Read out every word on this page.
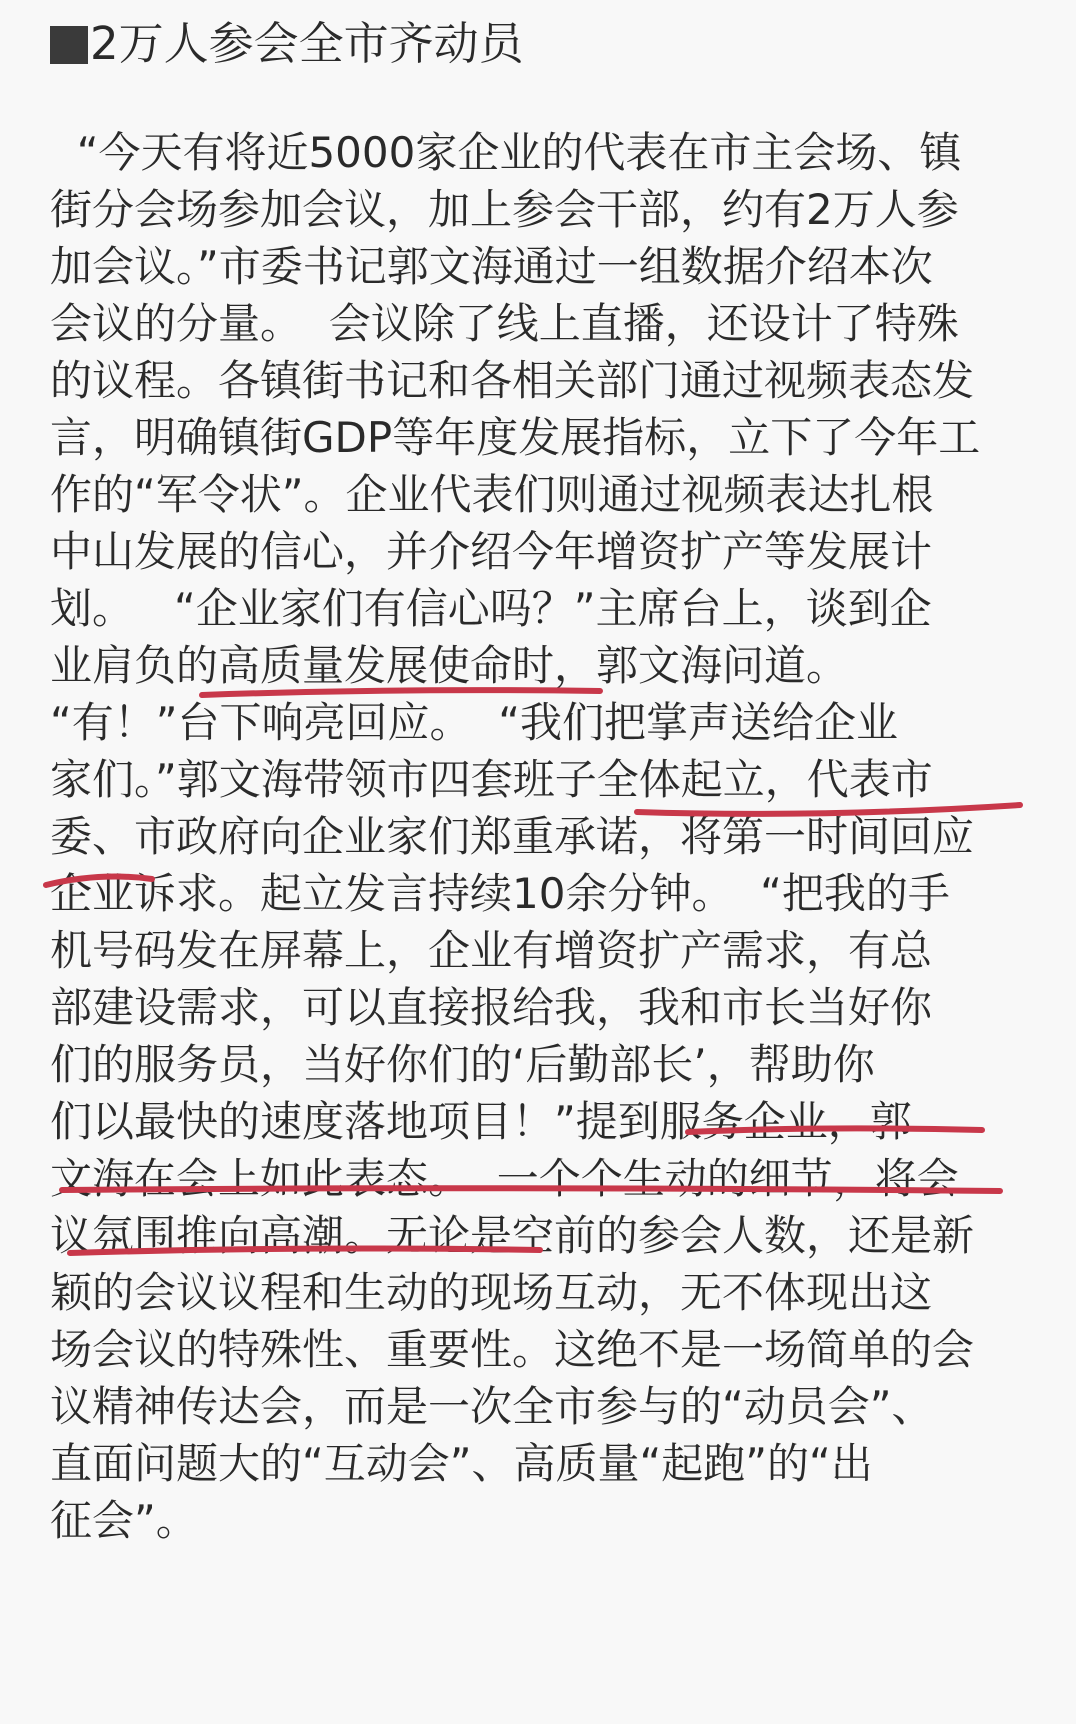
2万人参会全市齐动员
“今天有将近5000家企业的代表在市主会场、镇
街分会场参加会议，加上参会干部，约有2万人参
加会议。”市委书记郭文海通过一组数据介绍本次
会议的分量。  会议除了线上直播，还设计了特殊
的议程。各镇街书记和各相关部门通过视频表态发
言，明确镇街GDP等年度发展指标，立下了今年工
作的“军令状”。企业代表们则通过视频表达扎根
中山发展的信心，并介绍今年增资扩产等发展计
划。   “企业家们有信心吗？”主席台上，谈到企
业肩负的高质量发展使命时，郭文海问道。
“有！”台下响亮回应。  “我们把掌声送给企业
家们。”郭文海带领市四套班子全体起立，代表市
委、市政府向企业家们郑重承诺，将第一时间回应
企业诉求。起立发言持续10余分钟。  “把我的手
机号码发在屏幕上，企业有增资扩产需求，有总
部建设需求，可以直接报给我，我和市长当好你
们的服务员，当好你们的‘后勤部长’，帮助你
们以最快的速度落地项目！”提到服务企业，郭
文海在会上如此表态。  一个个生动的细节，将会
议氛围推向高潮。无论是空前的参会人数，还是新
颖的会议议程和生动的现场互动，无不体现出这
场会议的特殊性、重要性。这绝不是一场简单的会
议精神传达会，而是一次全市参与的“动员会”、
直面问题大的“互动会”、高质量“起跑”的“出
征会”。
